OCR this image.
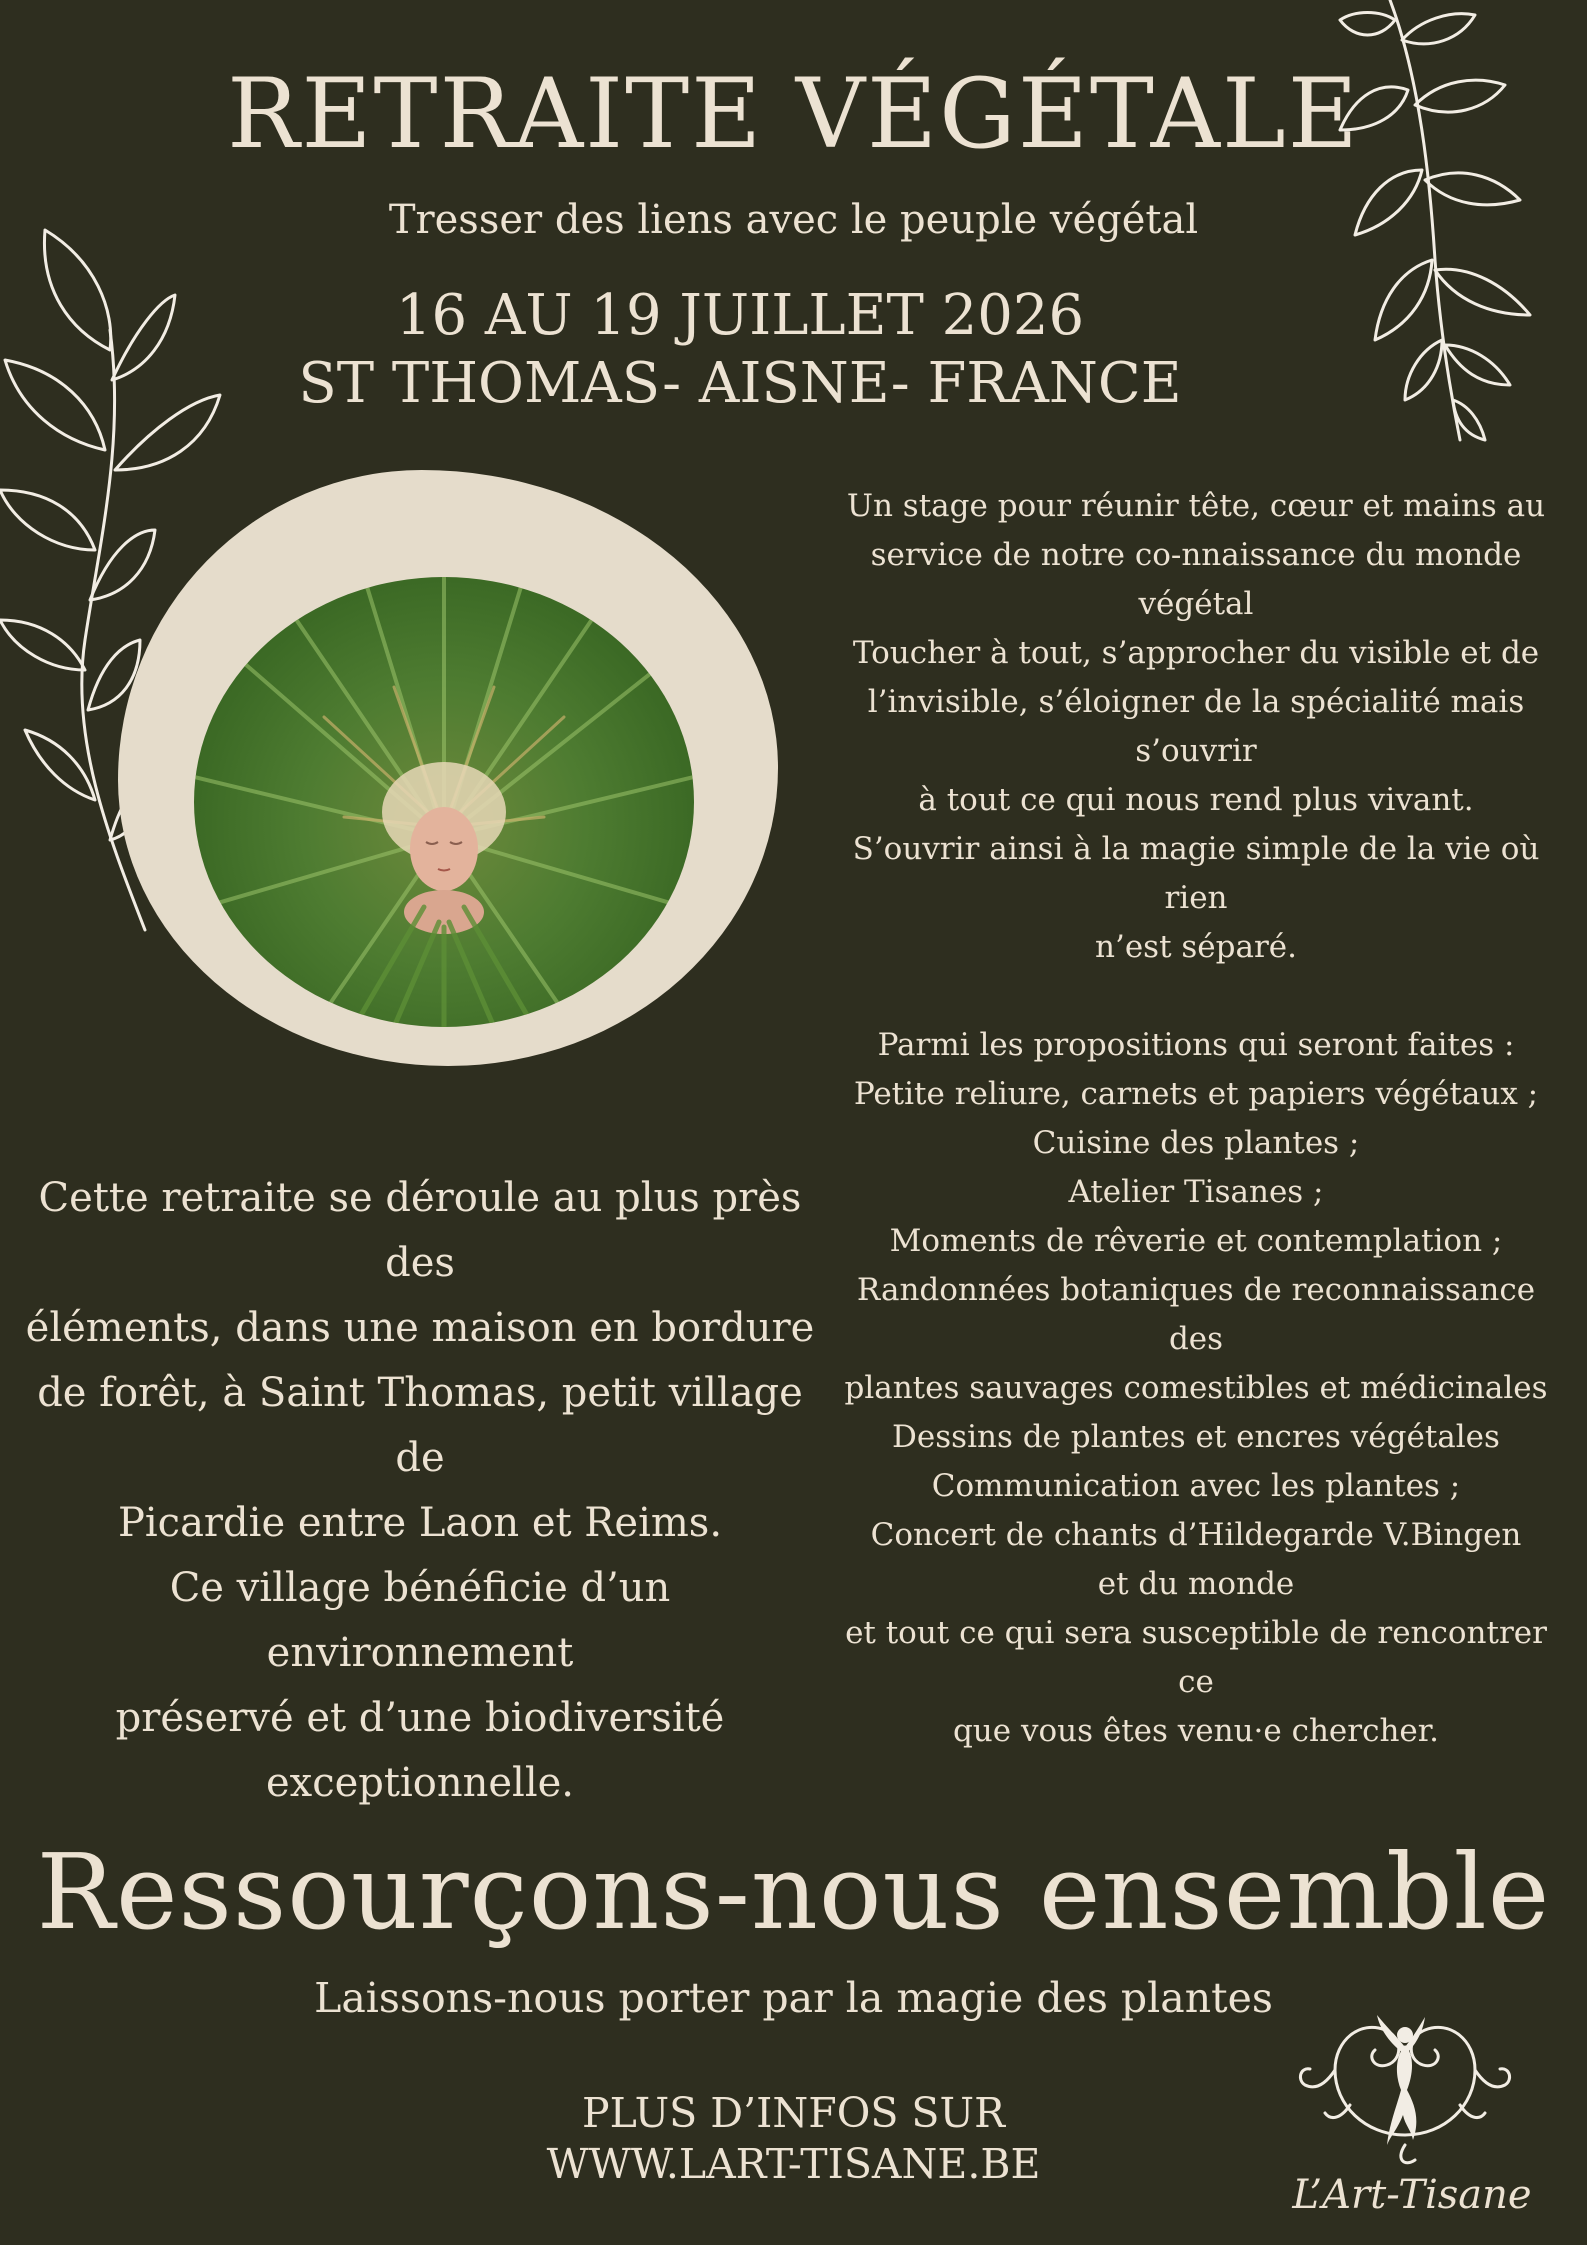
RETRAITE VÉGÉTALE
Tresser des liens avec le peuple végétal
16 AU 19 JUILLET 2026
ST THOMAS- AISNE- FRANCE
Un stage pour réunir tête, cœur et mains au
service de notre co-nnaissance du monde végétal
Toucher à tout, s’approcher du visible et de
l’invisible, s’éloigner de la spécialité mais s’ouvrir
à tout ce qui nous rend plus vivant.
S’ouvrir ainsi à la magie simple de la vie où rien
n’est séparé.

Parmi les propositions qui seront faites :
Petite reliure, carnets et papiers végétaux ;
Cuisine des plantes ;
Atelier Tisanes ;
Moments de rêverie et contemplation ;
Randonnées botaniques de reconnaissance des
plantes sauvages comestibles et médicinales
Dessins de plantes et encres végétales
Communication avec les plantes ;
Concert de chants d’Hildegarde V.Bingen
et du monde
et tout ce qui sera susceptible de rencontrer ce
que vous êtes venu·e chercher.
Cette retraite se déroule au plus près des
éléments, dans une maison en bordure
de forêt, à Saint Thomas, petit village de
Picardie entre Laon et Reims.
Ce village bénéficie d’un environnement
préservé et d’une biodiversité
exceptionnelle.
Ressourçons-nous ensemble
Laissons-nous porter par la magie des plantes
PLUS D’INFOS SUR
WWW.LART-TISANE.BE
L’Art-Tisane
